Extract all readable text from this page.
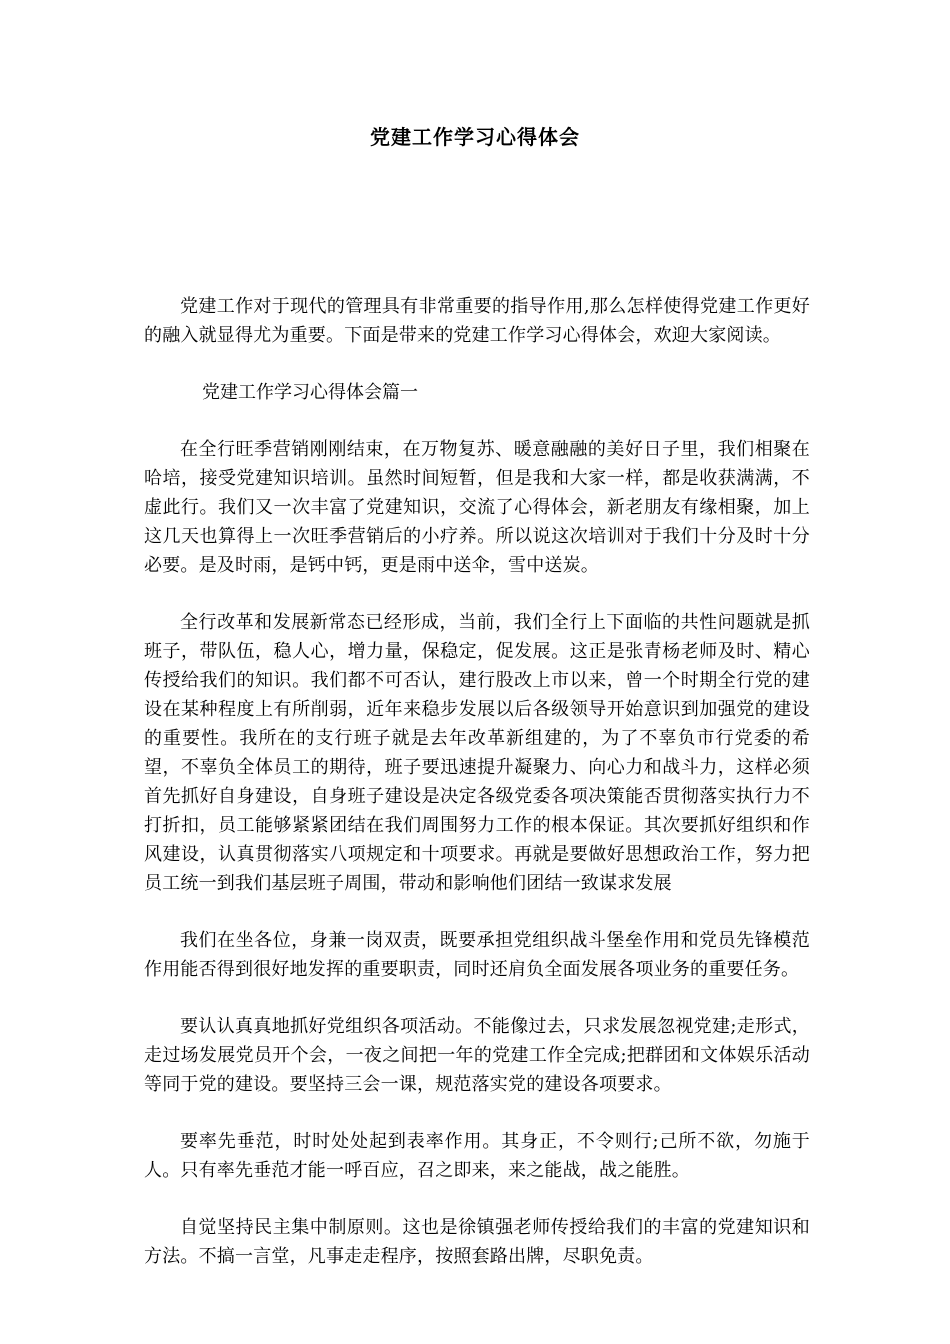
党建工作学习心得体会

党建工作对于现代的管理具有非常重要的指导作用,那么怎样使得党建工作更好的融入就显得尤为重要。下面是带来的党建工作学习心得体会，欢迎大家阅读。

党建工作学习心得体会篇一

在全行旺季营销刚刚结束，在万物复苏、暖意融融的美好日子里，我们相聚在哈培，接受党建知识培训。虽然时间短暂，但是我和大家一样，都是收获满满，不虚此行。我们又一次丰富了党建知识，交流了心得体会，新老朋友有缘相聚，加上这几天也算得上一次旺季营销后的小疗养。所以说这次培训对于我们十分及时十分必要。是及时雨，是钙中钙，更是雨中送伞，雪中送炭。

全行改革和发展新常态已经形成，当前，我们全行上下面临的共性问题就是抓班子，带队伍，稳人心，增力量，保稳定，促发展。这正是张青杨老师及时、精心传授给我们的知识。我们都不可否认，建行股改上市以来，曾一个时期全行党的建设在某种程度上有所削弱，近年来稳步发展以后各级领导开始意识到加强党的建设的重要性。我所在的支行班子就是去年改革新组建的，为了不辜负市行党委的希望，不辜负全体员工的期待，班子要迅速提升凝聚力、向心力和战斗力，这样必须首先抓好自身建设，自身班子建设是决定各级党委各项决策能否贯彻落实执行力不打折扣，员工能够紧紧团结在我们周围努力工作的根本保证。其次要抓好组织和作风建设，认真贯彻落实八项规定和十项要求。再就是要做好思想政治工作，努力把员工统一到我们基层班子周围，带动和影响他们团结一致谋求发展

我们在坐各位，身兼一岗双责，既要承担党组织战斗堡垒作用和党员先锋模范作用能否得到很好地发挥的重要职责，同时还肩负全面发展各项业务的重要任务。

要认认真真地抓好党组织各项活动。不能像过去，只求发展忽视党建;走形式，走过场发展党员开个会，一夜之间把一年的党建工作全完成;把群团和文体娱乐活动等同于党的建设。要坚持三会一课，规范落实党的建设各项要求。

要率先垂范，时时处处起到表率作用。其身正，不令则行;己所不欲，勿施于人。只有率先垂范才能一呼百应，召之即来，来之能战，战之能胜。

自觉坚持民主集中制原则。这也是徐镇强老师传授给我们的丰富的党建知识和方法。不搞一言堂，凡事走走程序，按照套路出牌，尽职免责。
